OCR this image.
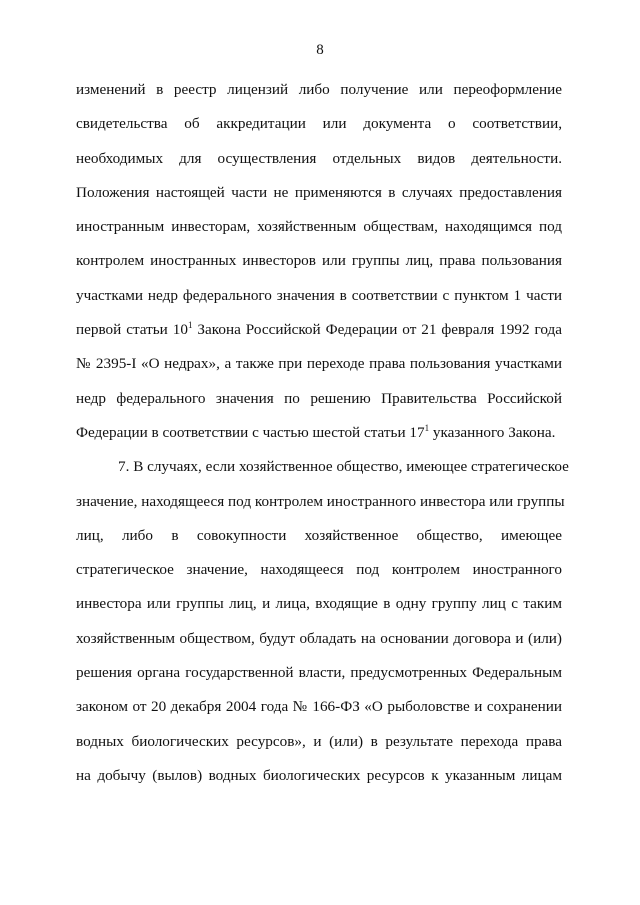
8
изменений в реестр лицензий либо получение или переоформление
свидетельства об аккредитации или документа о соответствии,
необходимых для осуществления отдельных видов деятельности.
Положения настоящей части не применяются в случаях предоставления
иностранным инвесторам, хозяйственным обществам, находящимся под
контролем иностранных инвесторов или группы лиц, права пользования
участками недр федерального значения в соответствии с пунктом 1 части
первой статьи $10^1$ Закона Российской Федерации от 21 февраля 1992 года
№ 2395-I «О недрах», а также при переходе права пользования участками
недр федерального значения по решению Правительства Российской
Федерации в соответствии с частью шестой статьи $17^1$ указанного Закона.
7. В случаях, если хозяйственное общество, имеющее стратегическое
значение, находящееся под контролем иностранного инвестора или группы
лиц, либо в совокупности хозяйственное общество, имеющее
стратегическое значение, находящееся под контролем иностранного
инвестора или группы лиц, и лица, входящие в одну группу лиц с таким
хозяйственным обществом, будут обладать на основании договора и (или)
решения органа государственной власти, предусмотренных Федеральным
законом от 20 декабря 2004 года № 166-ФЗ «О рыболовстве и сохранении
водных биологических ресурсов», и (или) в результате перехода права
на добычу (вылов) водных биологических ресурсов к указанным лицам
